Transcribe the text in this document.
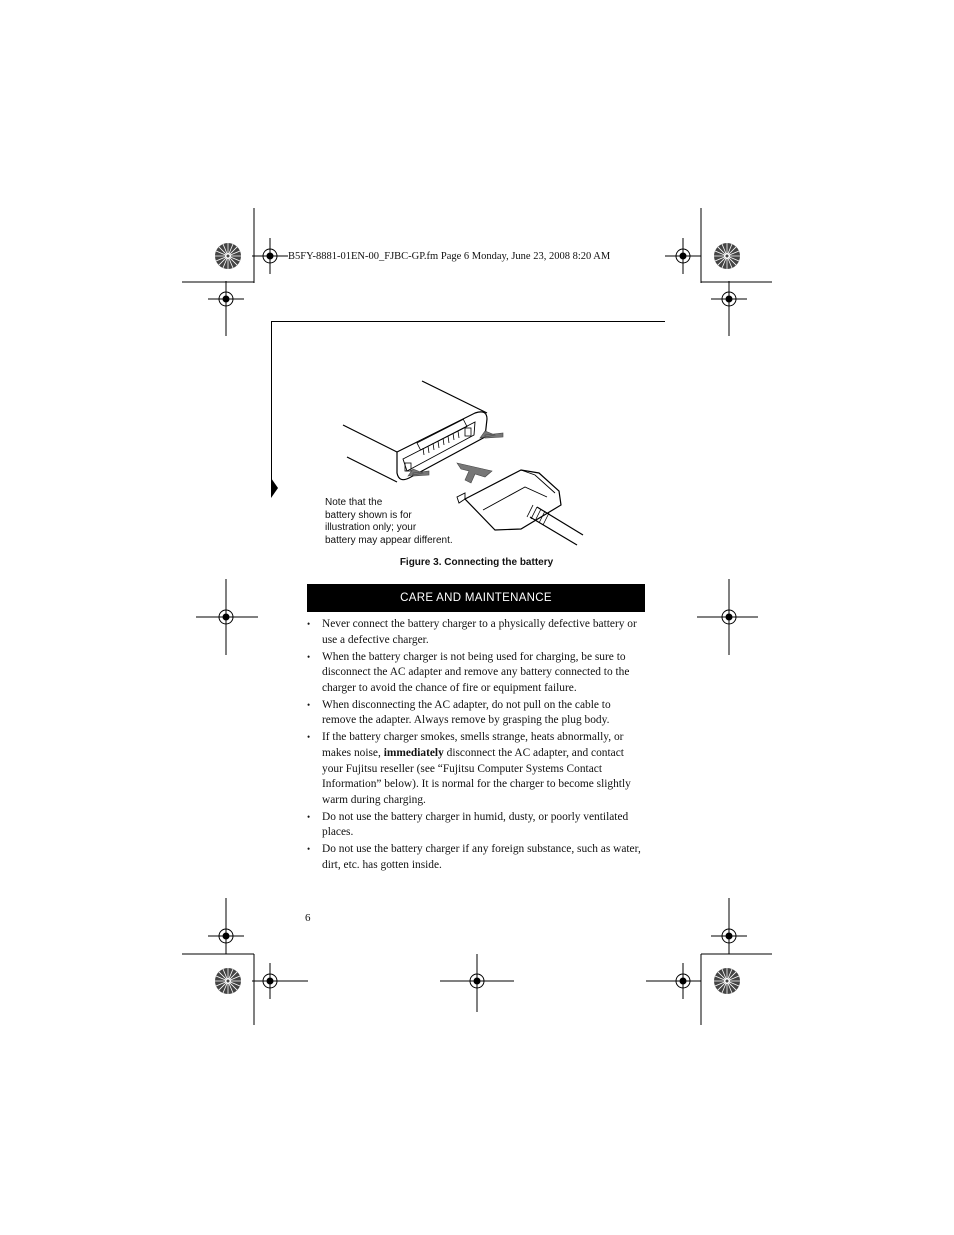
B5FY-8881-01EN-00_FJBC-GP.fm Page 6 Monday, June 23, 2008 8:20 AM
Note that the
battery shown is for
illustration only; your
battery may appear different.
Figure 3. Connecting the battery
CARE AND MAINTENANCE
• Never connect the battery charger to a physically defective battery or use a defective charger.
• When the battery charger is not being used for charging, be sure to disconnect the AC adapter and remove any battery connected to the charger to avoid the chance of fire or equipment failure.
• When disconnecting the AC adapter, do not pull on the cable to remove the adapter. Always remove by grasping the plug body.
• If the battery charger smokes, smells strange, heats abnormally, or makes noise, immediately disconnect the AC adapter, and contact your Fujitsu reseller (see “Fujitsu Computer Systems Contact Information” below). It is normal for the charger to become slightly warm during charging.
• Do not use the battery charger in humid, dusty, or poorly ventilated places.
• Do not use the battery charger if any foreign substance, such as water, dirt, etc. has gotten inside.
6
